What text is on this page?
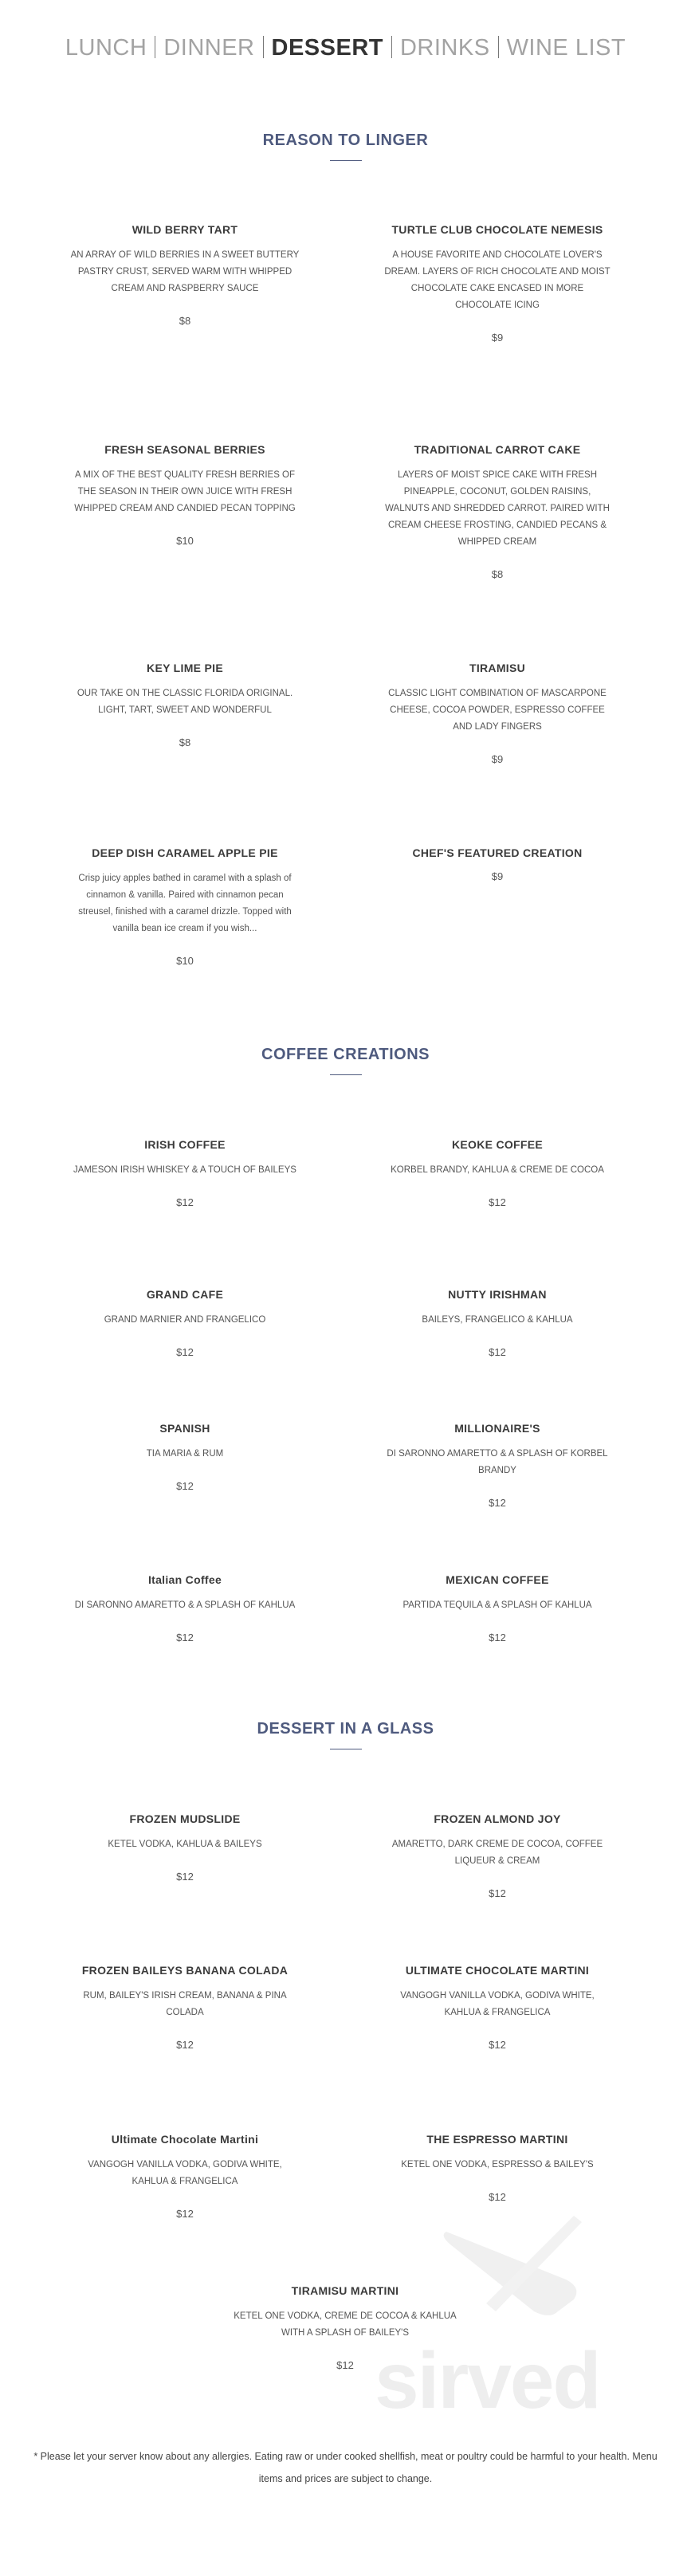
LUNCH DINNER DESSERT DRINKS WINE LIST
REASON TO LINGER
WILD BERRY TART

AN ARRAY OF WILD BERRIES IN A SWEET BUTTERY PASTRY CRUST, SERVED WARM WITH WHIPPED CREAM AND RASPBERRY SAUCE

$8
TURTLE CLUB CHOCOLATE NEMESIS

A HOUSE FAVORITE AND CHOCOLATE LOVER'S DREAM. LAYERS OF RICH CHOCOLATE AND MOIST CHOCOLATE CAKE ENCASED IN MORE CHOCOLATE ICING

$9
FRESH SEASONAL BERRIES

A MIX OF THE BEST QUALITY FRESH BERRIES OF THE SEASON IN THEIR OWN JUICE WITH FRESH WHIPPED CREAM AND CANDIED PECAN TOPPING

$10
TRADITIONAL CARROT CAKE

LAYERS OF MOIST SPICE CAKE WITH FRESH PINEAPPLE, COCONUT, GOLDEN RAISINS, WALNUTS AND SHREDDED CARROT. PAIRED WITH CREAM CHEESE FROSTING, CANDIED PECANS & WHIPPED CREAM

$8
KEY LIME PIE

OUR TAKE ON THE CLASSIC FLORIDA ORIGINAL. LIGHT, TART, SWEET AND WONDERFUL

$8
TIRAMISU

CLASSIC LIGHT COMBINATION OF MASCARPONE CHEESE, COCOA POWDER, ESPRESSO COFFEE AND LADY FINGERS

$9
DEEP DISH CARAMEL APPLE PIE

Crisp juicy apples bathed in caramel with a splash of cinnamon & vanilla. Paired with cinnamon pecan streusel, finished with a caramel drizzle. Topped with vanilla bean ice cream if you wish...

$10
CHEF'S FEATURED CREATION
$9
COFFEE CREATIONS
IRISH COFFEE

JAMESON IRISH WHISKEY & A TOUCH OF BAILEYS

$12
KEOKE COFFEE

KORBEL BRANDY, KAHLUA & CREME DE COCOA

$12
GRAND CAFE

GRAND MARNIER AND FRANGELICO

$12
NUTTY IRISHMAN

BAILEYS, FRANGELICO & KAHLUA

$12
SPANISH

TIA MARIA & RUM

$12
MILLIONAIRE'S

DI SARONNO AMARETTO & A SPLASH OF KORBEL BRANDY

$12
Italian Coffee

DI SARONNO AMARETTO & A SPLASH OF KAHLUA

$12
MEXICAN COFFEE

PARTIDA TEQUILA & A SPLASH OF KAHLUA

$12
DESSERT IN A GLASS
FROZEN MUDSLIDE

KETEL VODKA, KAHLUA & BAILEYS

$12
FROZEN ALMOND JOY

AMARETTO, DARK CREME DE COCOA, COFFEE LIQUEUR & CREAM

$12
FROZEN BAILEYS BANANA COLADA

RUM, BAILEY'S IRISH CREAM, BANANA & PINA COLADA

$12
ULTIMATE CHOCOLATE MARTINI

VANGOGH VANILLA VODKA, GODIVA WHITE, KAHLUA & FRANGELICA

$12
Ultimate Chocolate Martini

VANGOGH VANILLA VODKA, GODIVA WHITE, KAHLUA & FRANGELICA

$12
THE ESPRESSO MARTINI

KETEL ONE VODKA, ESPRESSO & BAILEY'S

$12
TIRAMISU MARTINI

KETEL ONE VODKA, CREME DE COCOA & KAHLUA WITH A SPLASH OF BAILEY'S

$12 sirved
* Please let your server know about any allergies. Eating raw or under cooked shellfish, meat or poultry could be harmful to your health. Menu items and prices are subject to change.
